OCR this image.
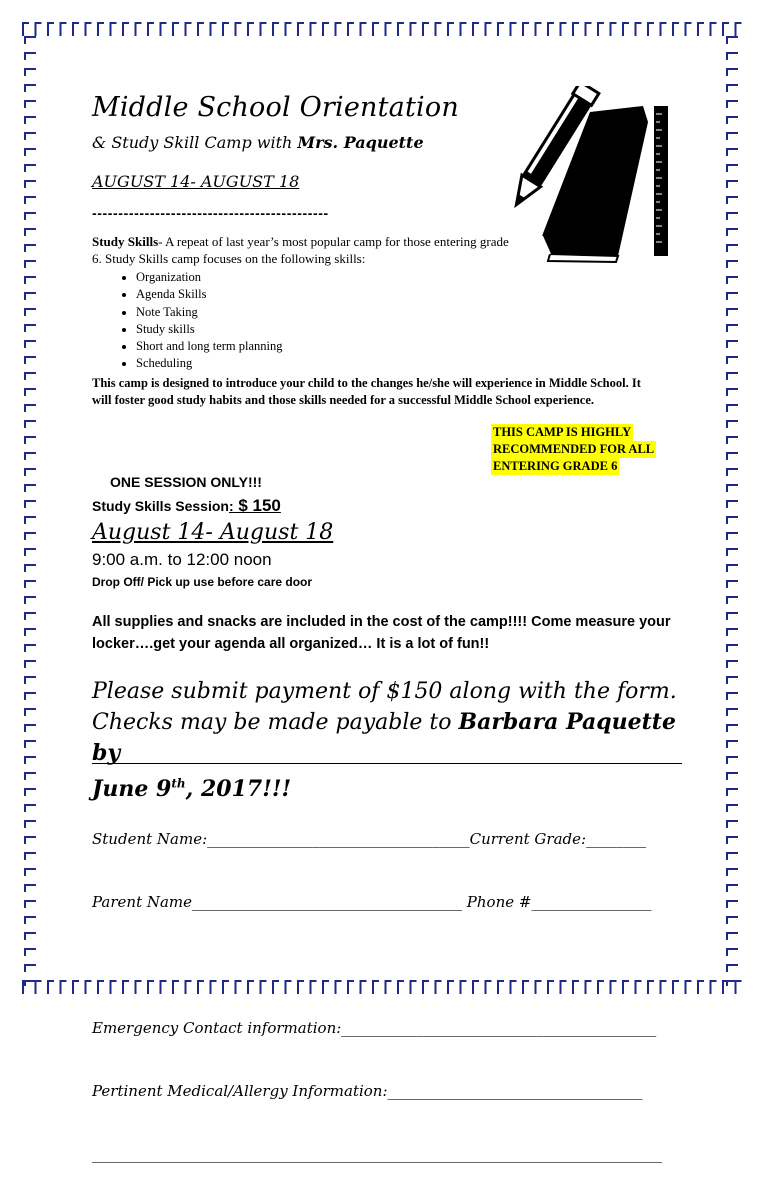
Middle School Orientation
& Study Skill Camp with Mrs. Paquette
AUGUST 14- AUGUST 18
---------------------------------------------
Study Skills- A repeat of last year’s most popular camp for those entering grade 6. Study Skills camp focuses on the following skills:
• Organization
• Agenda Skills
• Note Taking
• Study skills
• Short and long term planning
• Scheduling
This camp is designed to introduce your child to the changes he/she will experience in Middle School. It will foster good study habits and those skills needed for a successful Middle School experience.
THIS CAMP IS HIGHLY
RECOMMENDED FOR ALL
ENTERING GRADE 6
ONE SESSION ONLY!!!
Study Skills Session: $ 150
August 14- August 18
9:00 a.m. to 12:00 noon
Drop Off/ Pick up use before care door
All supplies and snacks are included in the cost of the camp!!!! Come measure your locker….get your agenda all organized… It is a lot of fun!!
Please submit payment of $150 along with the form.
Checks may be made payable to Barbara Paquette by
June 9th, 2017!!!

Student Name:___________________________________Current Grade:________

Parent Name____________________________________ Phone #________________

Emergency Contact information:__________________________________________

Pertinent Medical/Allergy Information:__________________________________

____________________________________________________________________________
